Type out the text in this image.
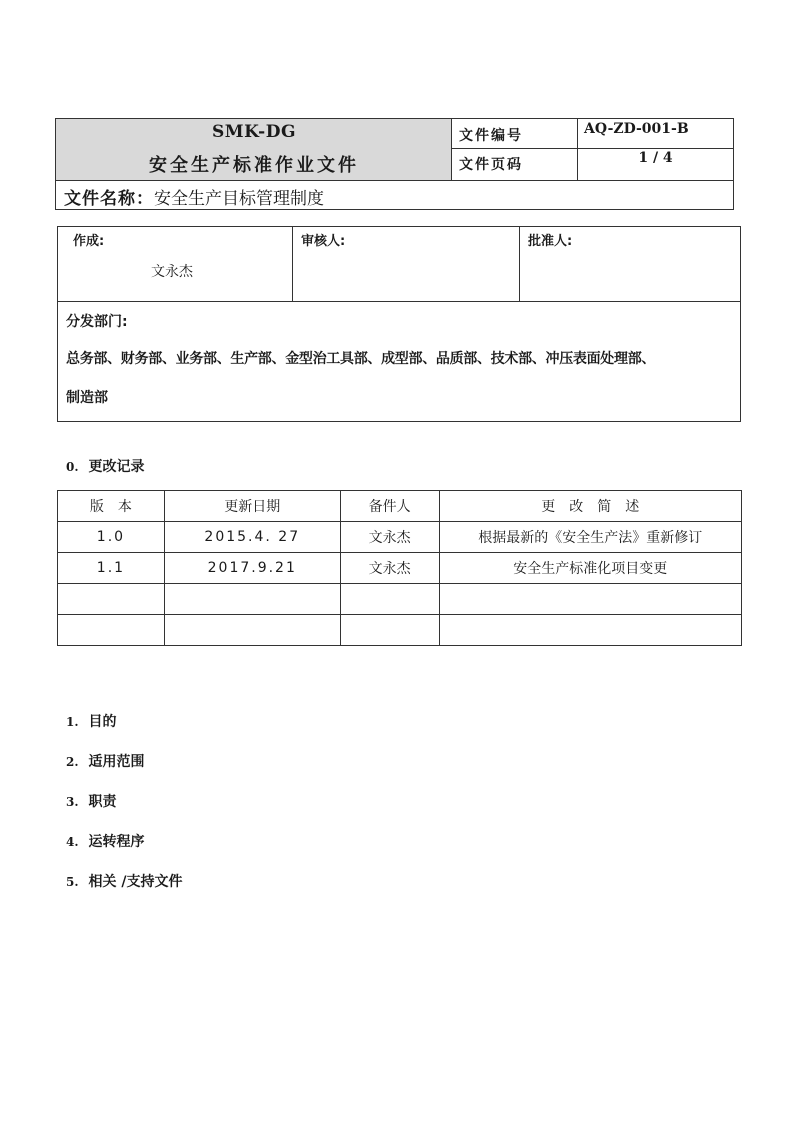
SMK-DG
安全生产标准作业文件
文件编号	AQ-ZD-001-B
文件页码	1 / 4
文件名称：安全生产目标管理制度
作成:
文永杰
审核人:	批准人:
分发部门:
总务部、财务部、业务部、生产部、金型治工具部、成型部、品质部、技术部、冲压表面处理部、
制造部
0. 更改记录
版　本	更新日期	备件人	更　改　简　述
1.0	2015.4. 27	文永杰	根据最新的《安全生产法》重新修订
1.1	2017.9.21	文永杰	安全生产标准化项目变更

1. 目的
2. 适用范围
3. 职责
4. 运转程序
5. 相关 /支持文件
